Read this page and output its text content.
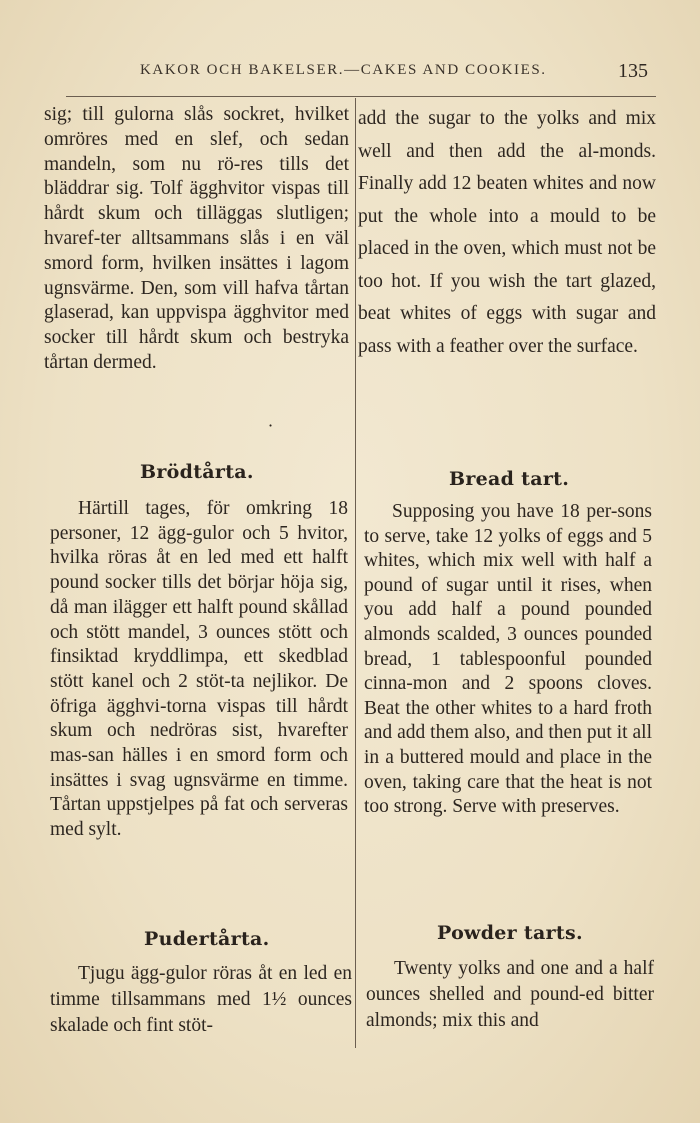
KAKOR OCH BAKELSER.—CAKES AND COOKIES.	135

sig; till gulorna slås sockret, hvilket omröres med en slef, och sedan mandeln, som nu rö-res tills det bläddrar sig. Tolf ägghvitor vispas till hårdt skum och tilläggas slutligen; hvaref-ter alltsammans slås i en väl smord form, hvilken insättes i lagom ugnsvärme. Den, som vill hafva tårtan glaserad, kan uppvispa ägghvitor med socker till hårdt skum och bestryka tårtan dermed.

add the sugar to the yolks and mix well and then add the al-monds. Finally add 12 beaten whites and now put the whole into a mould to be placed in the oven, which must not be too hot. If you wish the tart glazed, beat whites of eggs with sugar and pass with a feather over the surface.

·
Brödtårta.	Bread tart.

Härtill tages, för omkring 18 personer, 12 ägg-gulor och 5 hvitor, hvilka röras åt en led med ett halft pound socker tills det börjar höja sig, då man ilägger ett halft pound skållad och stött mandel, 3 ounces stött och finsiktad kryddlimpa, ett skedblad stött kanel och 2 stöt-ta nejlikor. De öfriga ägghvi-torna vispas till hårdt skum och nedröras sist, hvarefter mas-san hälles i en smord form och insättes i svag ugnsvärme en timme. Tårtan uppstjelpes på fat och serveras med sylt.

Supposing you have 18 per-sons to serve, take 12 yolks of eggs and 5 whites, which mix well with half a pound of sugar until it rises, when you add half a pound pounded almonds scalded, 3 ounces pounded bread, 1 tablespoonful pounded cinna-mon and 2 spoons cloves. Beat the other whites to a hard froth and add them also, and then put it all in a buttered mould and place in the oven, taking care that the heat is not too strong. Serve with preserves.

Pudertårta.	Powder tarts.

Tjugu ägg-gulor röras åt en led en timme tillsammans med 1½ ounces skalade och fint stöt-

Twenty yolks and one and a half ounces shelled and pound-ed bitter almonds; mix this and
